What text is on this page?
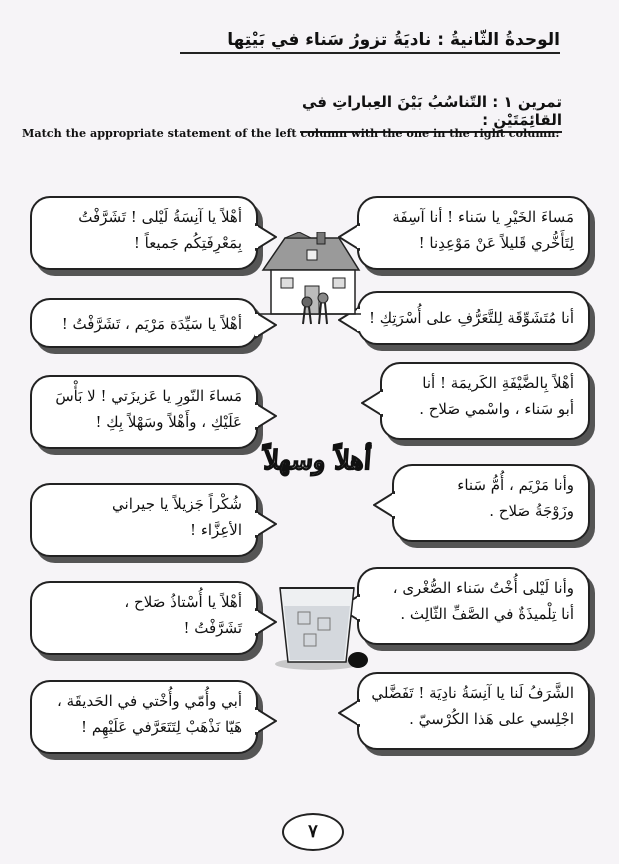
الوحدةُ الثّانيةُ : ناديَةُ تزورُ سَناء في بَيْتِها
تمرين ١ : التّناسُبُ بَيْنَ العِباراتِ في القائِمَتَيْنِ :
Match the appropriate statement of the left column with the one in the right column:
أهْلاً يا آنِسَةُ لَيْلى ! تَشَرَّفْتُ
بِمَعْرِفَتِكُم جَميعاً !
أهْلاً يا سَيِّدَة مَرْيَم ، تَشَرَّفْتُ !
مَساءَ النّورِ يا عَزيزَتي ! لا بَأْسَ
عَلَيْكِ ، وأَهْلاً وسَهْلاً بِكِ !
شُكْراً جَزيلاً يا جيراني
الأعِزَّاء !
أهْلاً يا أُسْتاذُ صَلاح ،
تَشَرَّفْتُ !
أبي وأُمّي وأُخْتي في الحَديقَة ،
هَيّا نَذْهَبْ لِتَتَعَرَّفي عَلَيْهِم !
مَساءَ الخَيْرِ يا سَناء ! أنا آسِفَة
لِتَأَخُّري قَليلاً عَنْ مَوْعِدِنا !
أنا مُتَشَوِّقَة لِلتَّعَرُّفِ على أُسْرَتِكِ !
أهْلاً بِالضَّيْفَةِ الكَريمَة ! أنا
أبو سَناء ، واسْمي صَلاح .
وأنا مَرْيَم ، أُمُّ سَناء
وزَوْجَةُ صَلاح .
وأنا لَيْلى أُخْتُ سَناء الصُّغْرى ،
أنا تِلْميذَةٌ في الصَّفِّ الثّالِث .
الشَّرَفُ لَنا يا آنِسَةُ نادِيَة ! تَفَضَّلي
اجْلِسي على هَذا الكُرْسيّ .
أهلاً وسهلاً
٧
